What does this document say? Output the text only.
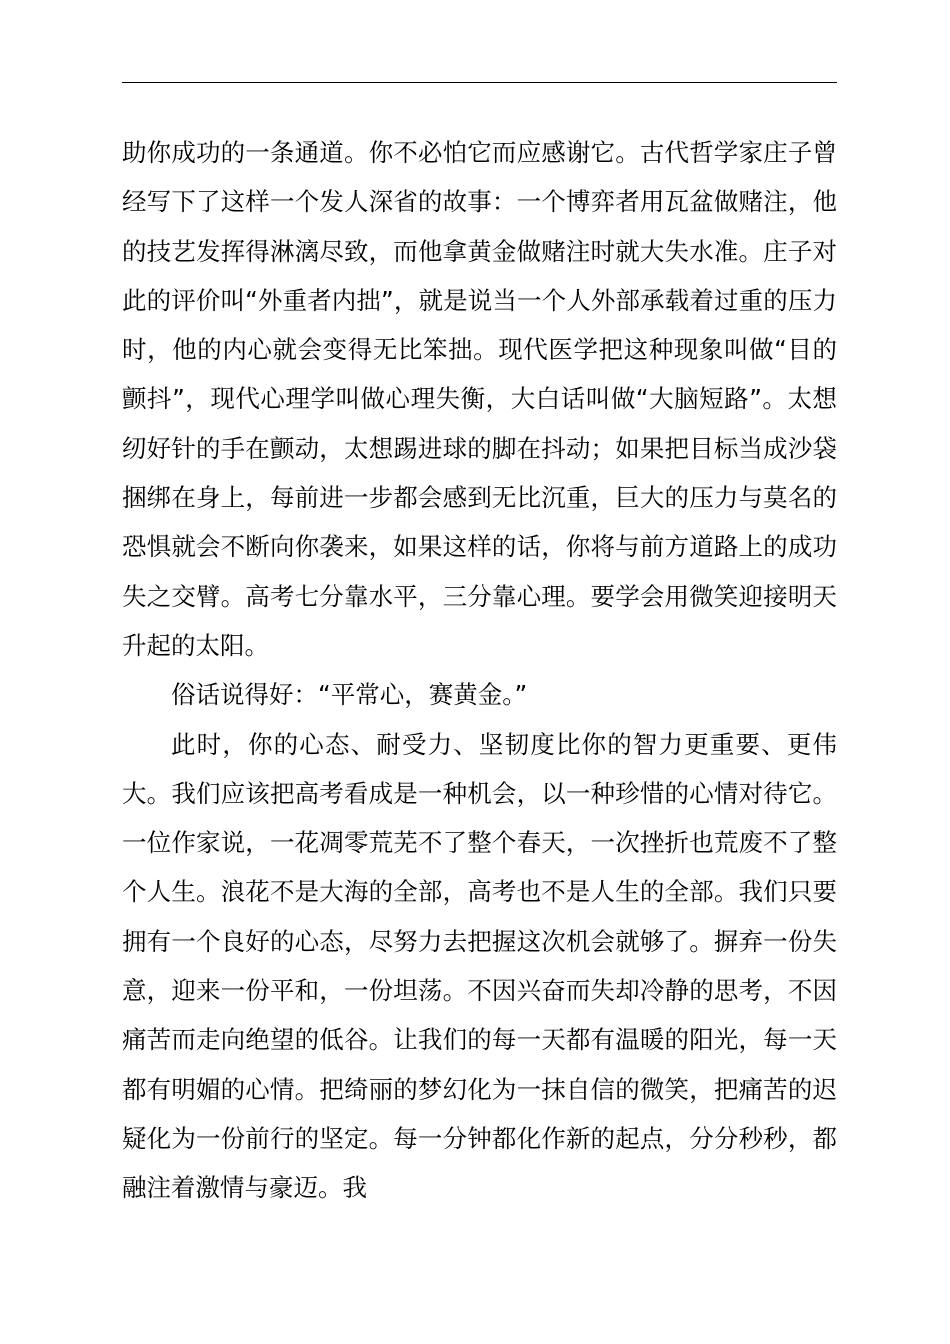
助你成功的一条通道。你不必怕它而应感谢它。古代哲学家庄子曾经写下了这样一个发人深省的故事：一个博弈者用瓦盆做赌注，他的技艺发挥得淋漓尽致，而他拿黄金做赌注时就大失水准。庄子对此的评价叫“外重者内拙”，就是说当一个人外部承载着过重的压力时，他的内心就会变得无比笨拙。现代医学把这种现象叫做“目的颤抖”，现代心理学叫做心理失衡，大白话叫做“大脑短路”。太想纫好针的手在颤动，太想踢进球的脚在抖动；如果把目标当成沙袋捆绑在身上，每前进一步都会感到无比沉重，巨大的压力与莫名的恐惧就会不断向你袭来，如果这样的话，你将与前方道路上的成功失之交臂。高考七分靠水平，三分靠心理。要学会用微笑迎接明天升起的太阳。

俗话说得好：“平常心，赛黄金。”

此时，你的心态、耐受力、坚韧度比你的智力更重要、更伟大。我们应该把高考看成是一种机会，以一种珍惜的心情对待它。一位作家说，一花凋零荒芜不了整个春天，一次挫折也荒废不了整个人生。浪花不是大海的全部，高考也不是人生的全部。我们只要拥有一个良好的心态，尽努力去把握这次机会就够了。摒弃一份失意，迎来一份平和，一份坦荡。不因兴奋而失却冷静的思考，不因痛苦而走向绝望的低谷。让我们的每一天都有温暖的阳光，每一天都有明媚的心情。把绮丽的梦幻化为一抹自信的微笑，把痛苦的迟疑化为一份前行的坚定。每一分钟都化作新的起点，分分秒秒，都融注着激情与豪迈。我
